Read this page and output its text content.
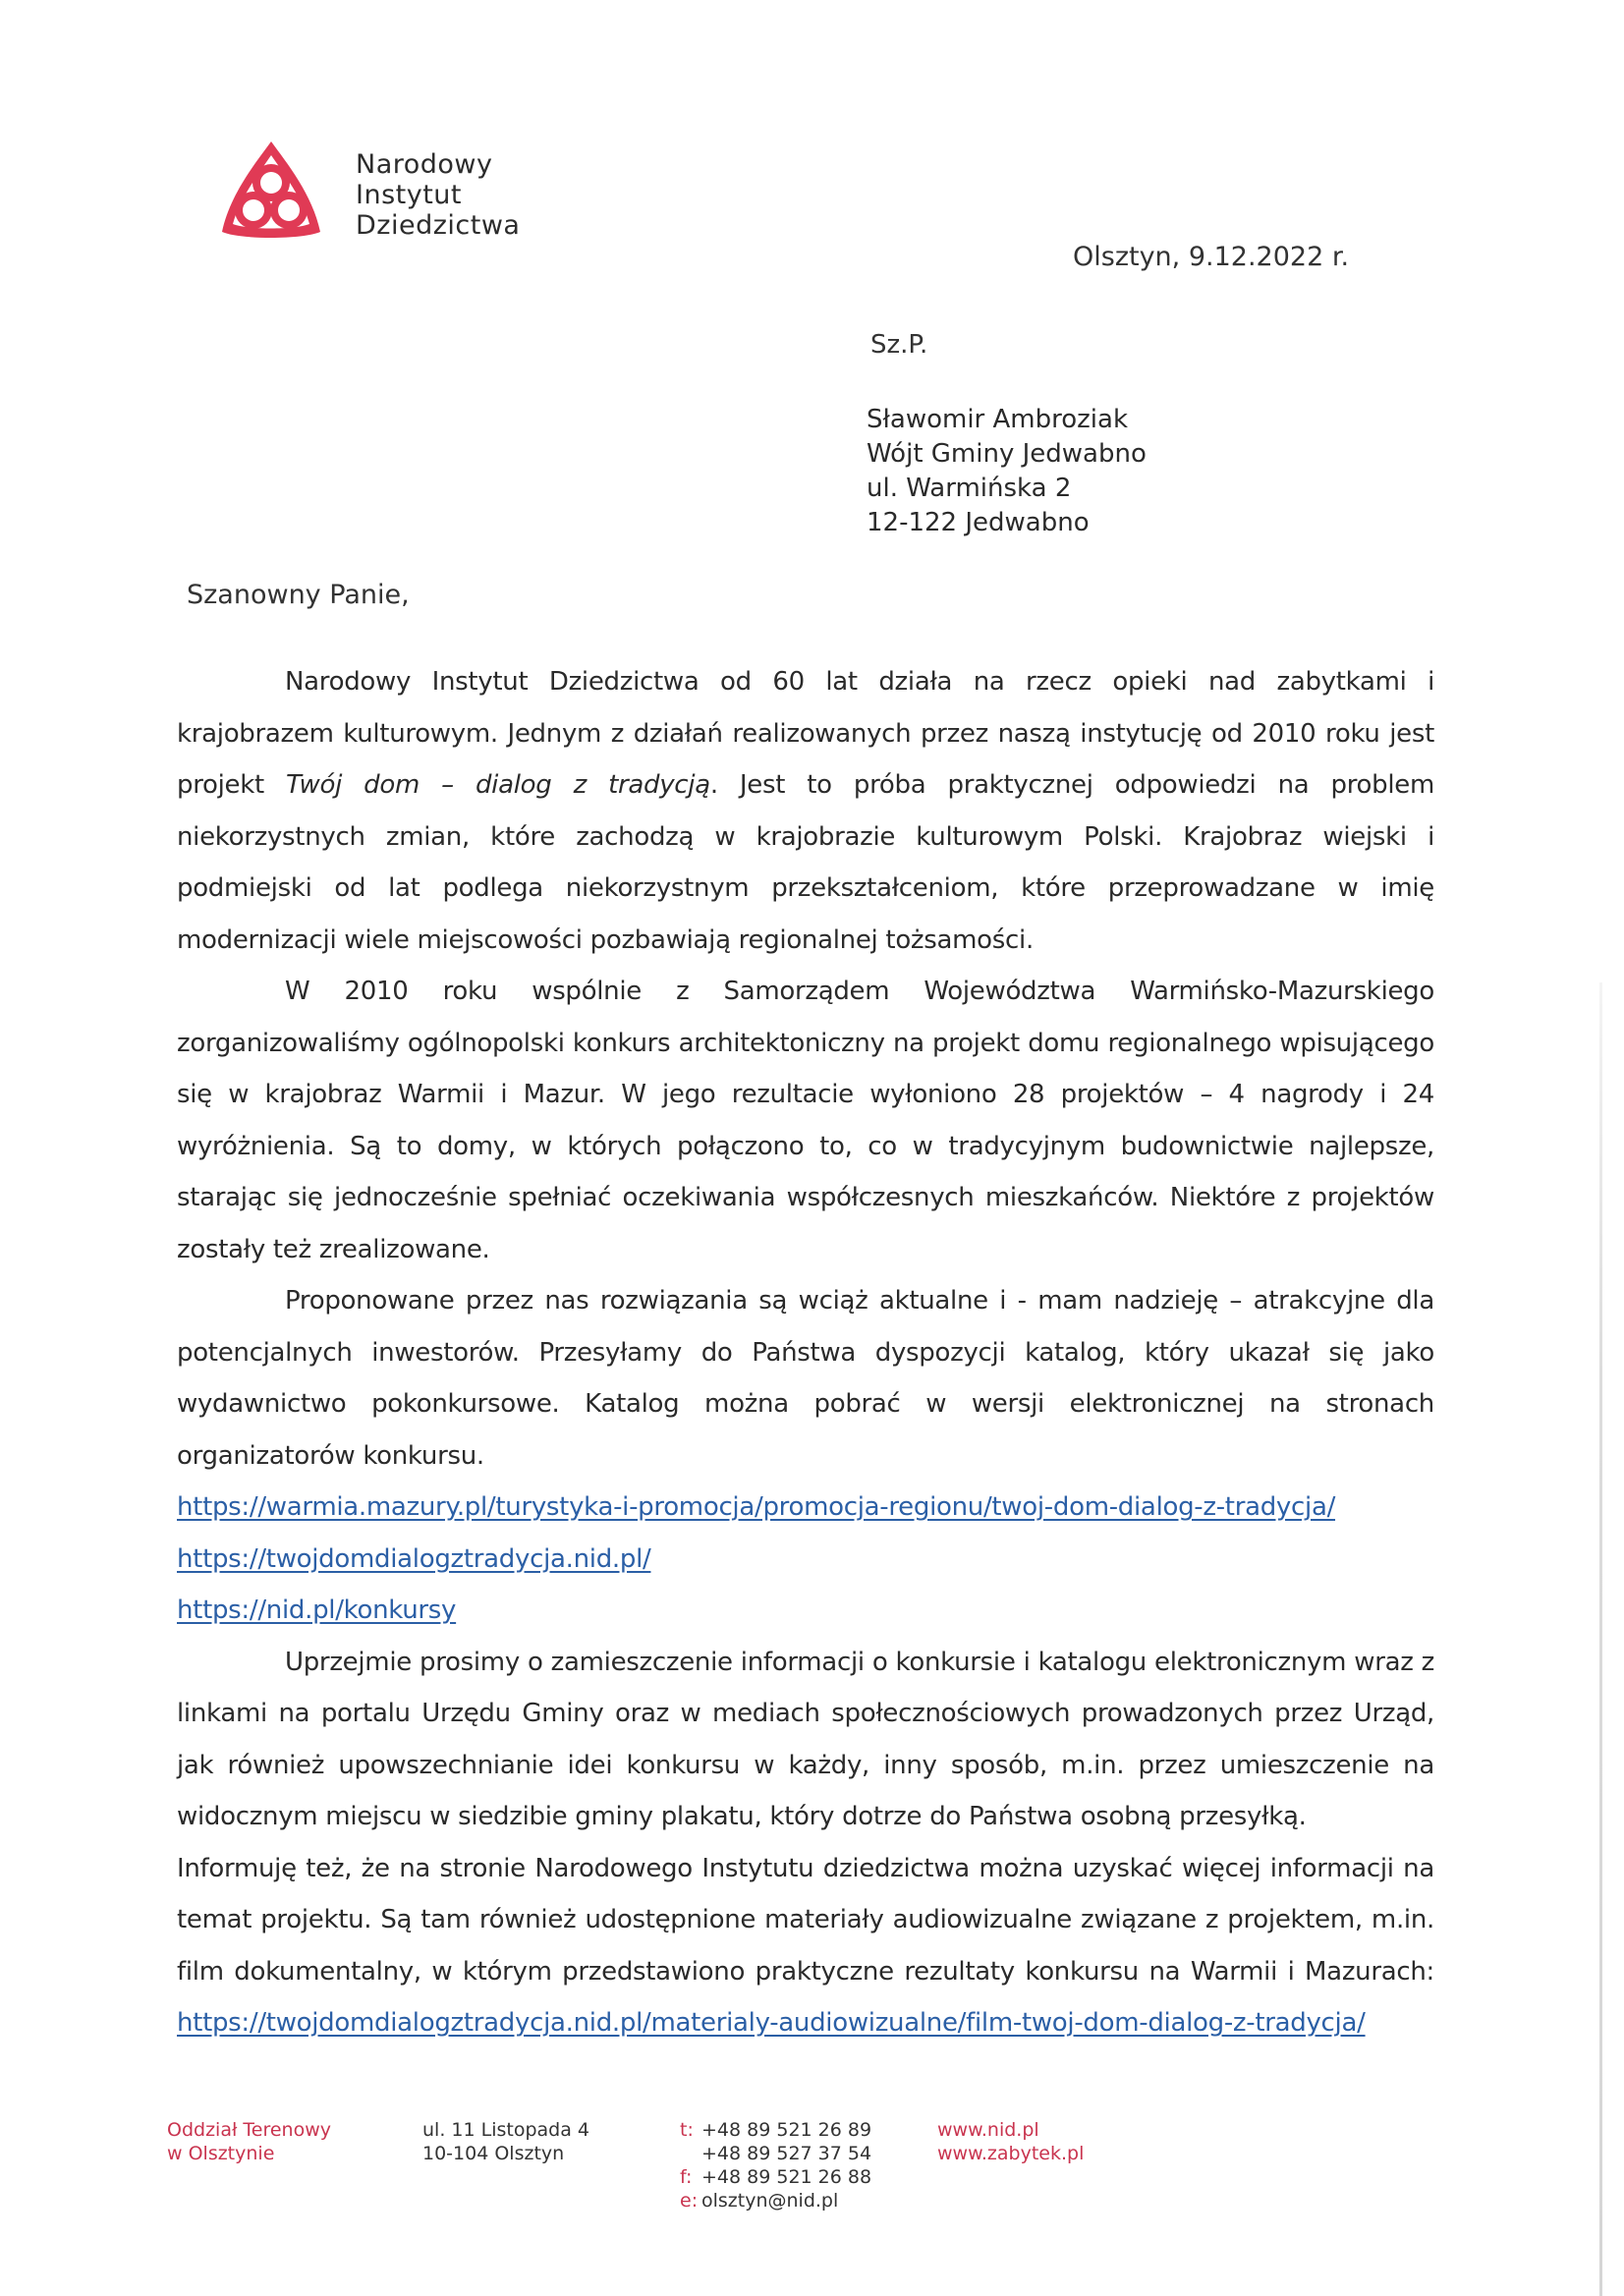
Narodowy
Instytut
Dziedzictwa
Olsztyn, 9.12.2022 r.
Sz.P.
Sławomir Ambroziak
Wójt Gminy Jedwabno
ul. Warmińska 2
12-122 Jedwabno
Szanowny Panie,

Narodowy Instytut Dziedzictwa od 60 lat działa na rzecz opieki nad zabytkami i krajobrazem kulturowym. Jednym z działań realizowanych przez naszą instytucję od 2010 roku jest projekt Twój dom – dialog z tradycją. Jest to próba praktycznej odpowiedzi na problem niekorzystnych zmian, które zachodzą w krajobrazie kulturowym Polski. Krajobraz wiejski i podmiejski od lat podlega niekorzystnym przekształceniom, które przeprowadzane w imię modernizacji wiele miejscowości pozbawiają regionalnej tożsamości.

W 2010 roku wspólnie z Samorządem Województwa Warmińsko-Mazurskiego zorganizowaliśmy ogólnopolski konkurs architektoniczny na projekt domu regionalnego wpisującego się w krajobraz Warmii i Mazur. W jego rezultacie wyłoniono 28 projektów – 4 nagrody i 24 wyróżnienia. Są to domy, w których połączono to, co w tradycyjnym budownictwie najlepsze, starając się jednocześnie spełniać oczekiwania współczesnych mieszkańców. Niektóre z projektów zostały też zrealizowane.

Proponowane przez nas rozwiązania są wciąż aktualne i - mam nadzieję – atrakcyjne dla potencjalnych inwestorów. Przesyłamy do Państwa dyspozycji katalog, który ukazał się jako wydawnictwo pokonkursowe. Katalog można pobrać w wersji elektronicznej na stronach organizatorów konkursu.

https://warmia.mazury.pl/turystyka-i-promocja/promocja-regionu/twoj-dom-dialog-z-tradycja/
https://twojdomdialogztradycja.nid.pl/
https://nid.pl/konkursy

Uprzejmie prosimy o zamieszczenie informacji o konkursie i katalogu elektronicznym wraz z linkami na portalu Urzędu Gminy oraz w mediach społecznościowych prowadzonych przez Urząd, jak również upowszechnianie idei konkursu w każdy, inny sposób, m.in. przez umieszczenie na widocznym miejscu w siedzibie gminy plakatu, który dotrze do Państwa osobną przesyłką.

Informuję też, że na stronie Narodowego Instytutu dziedzictwa można uzyskać więcej informacji na temat projektu. Są tam również udostępnione materiały audiowizualne związane z projektem, m.in. film dokumentalny, w którym przedstawiono praktyczne rezultaty konkursu na Warmii i Mazurach: https://twojdomdialogztradycja.nid.pl/materialy-audiowizualne/film-twoj-dom-dialog-z-tradycja/

Oddział Terenowy
w Olsztynie
ul. 11 Listopada 4
10-104 Olsztyn
t: +48 89 521 26 89
+48 89 527 37 54
f: +48 89 521 26 88
e: olsztyn@nid.pl
www.nid.pl
www.zabytek.pl
